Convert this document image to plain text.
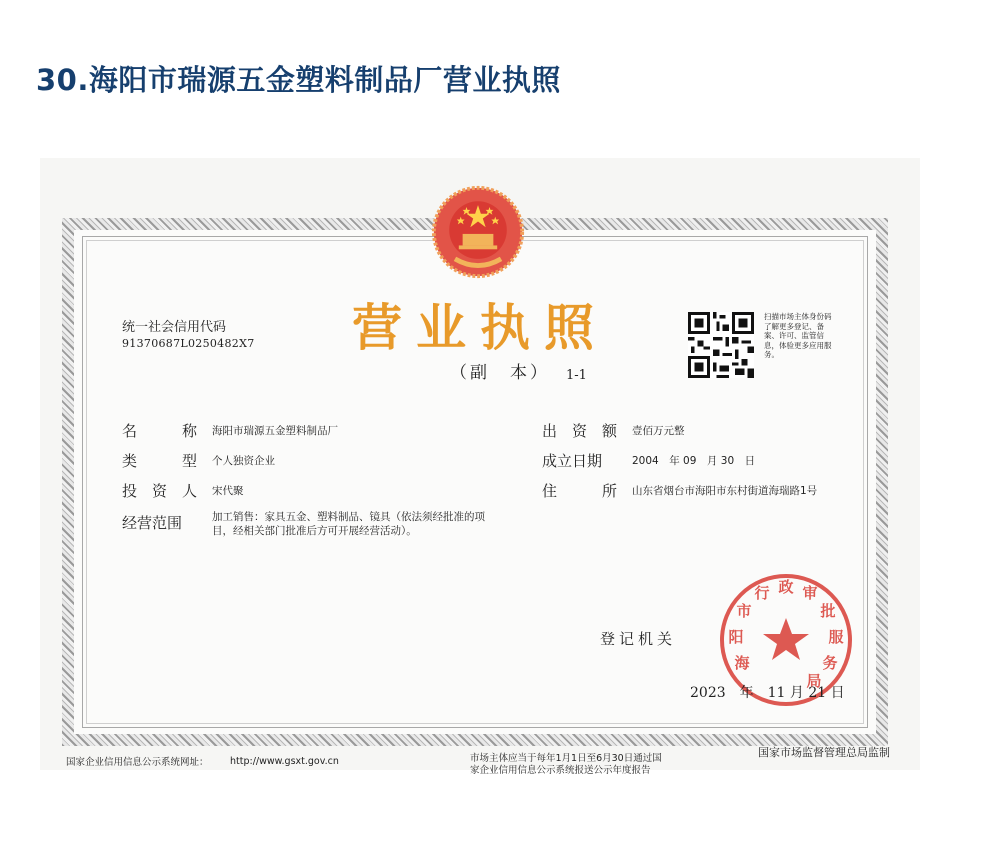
30.海阳市瑞源五金塑料制品厂营业执照
营业执照
（副　本） 1-1
统一社会信用代码
91370687L0250482X7
扫描市场主体身份码了解更多登记、备案、许可、监管信息，体验更多应用服务。
名　　　称 海阳市瑞源五金塑料制品厂
类　　　型 个人独资企业
投　资　人 宋代聚
经营范围	加工销售：家具五金、塑料制品、镜具（依法须经批准的项目，经相关部门批准后方可开展经营活动）。
出　资　额 壹佰万元整
成立日期	2004　年 09　月 30　日
住　　　所 山东省烟台市海阳市东村街道海瑞路1号
登记机关
海
阳
市
行 政 审
批
服
务
局
2023　年　11 月 21 日
国家企业信用信息公示系统网址： http://www.gsxt.gov.cn	市场主体应当于每年1月1日至6月30日通过国
家企业信用信息公示系统报送公示年度报告
国家市场监督管理总局监制
